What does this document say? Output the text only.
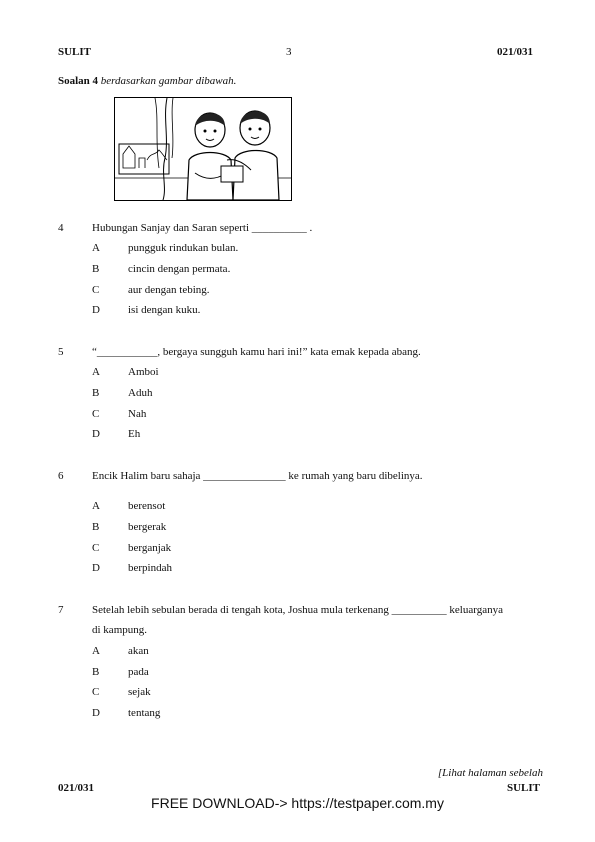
SULIT	3	021/031
Soalan 4 berdasarkan gambar dibawah.
4	Hubungan Sanjay dan Saran seperti __________ .
A	pungguk rindukan bulan.
B	cincin dengan permata.
C	aur dengan tebing.
D	isi dengan kuku.
5	“___________, bergaya sungguh kamu hari ini!” kata emak kepada abang.
A	Amboi
B	Aduh
C	Nah
D	Eh
6	Encik Halim baru sahaja _______________ ke rumah yang baru dibelinya.
A	berensot
B	bergerak
C	berganjak
D	berpindah
7	Setelah lebih sebulan berada di tengah kota, Joshua mula terkenang __________ keluarganya
di kampung.
A	akan
B	pada
C	sejak
D	tentang
[Lihat halaman sebelah
021/031	SULIT
FREE DOWNLOAD-> https://testpaper.com.my
